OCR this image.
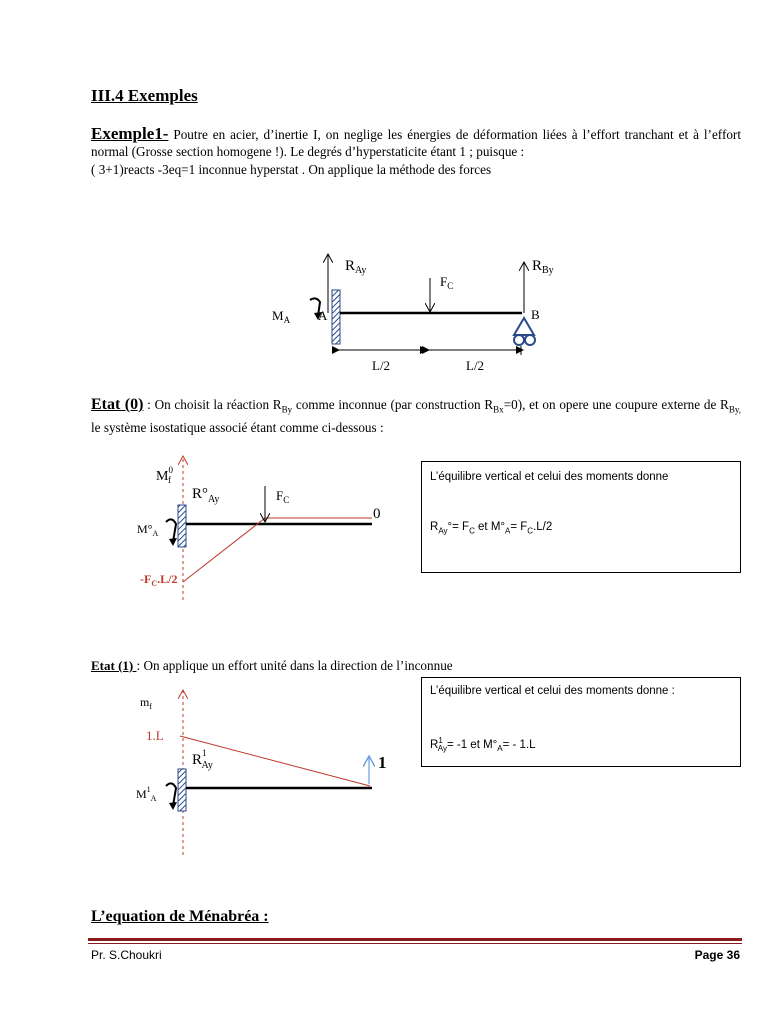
III.4 Exemples
Exemple1- Poutre en acier, d’inertie I, on neglige les énergies de déformation liées à l’effort tranchant et à l’effort normal (Grosse section homogene !). Le degrés d’hyperstaticite étant 1 ; puisque :
( 3+1)reacts -3eq=1 inconnue hyperstat . On applique la méthode des forces
$R_{Ay}$	$R_{By}$
$F_C$
$M_A$ A	B
L/2	L/2
$M^0$ f
$R^\circ_{Ay}$	$F_C$
0
$M^\circ_A$
$-F_C.L/2$
$m_f$
1.L
$R^1$ Ay	1
$M^1_A$
Etat (0) : On choisit la réaction $R_{By}$ comme inconnue (par construction $R_{Bx}=0$), et on opere une coupure externe de $R_{By,}$ le système isostatique associé étant comme ci-dessous :
L’équilibre vertical et celui des moments donne
$R_{Ay}^\circ= F_C$ et $M^\circ_A= F_C.L/2$
Etat (1) : On applique un effort unité dans la direction de l’inconnue
L’équilibre vertical et celui des moments donne :
$R^1_{Ay}= -1$ et $M^\circ_A= - 1.L$
L’equation de Ménabréa :
Pr. S.Choukri	Page 36
